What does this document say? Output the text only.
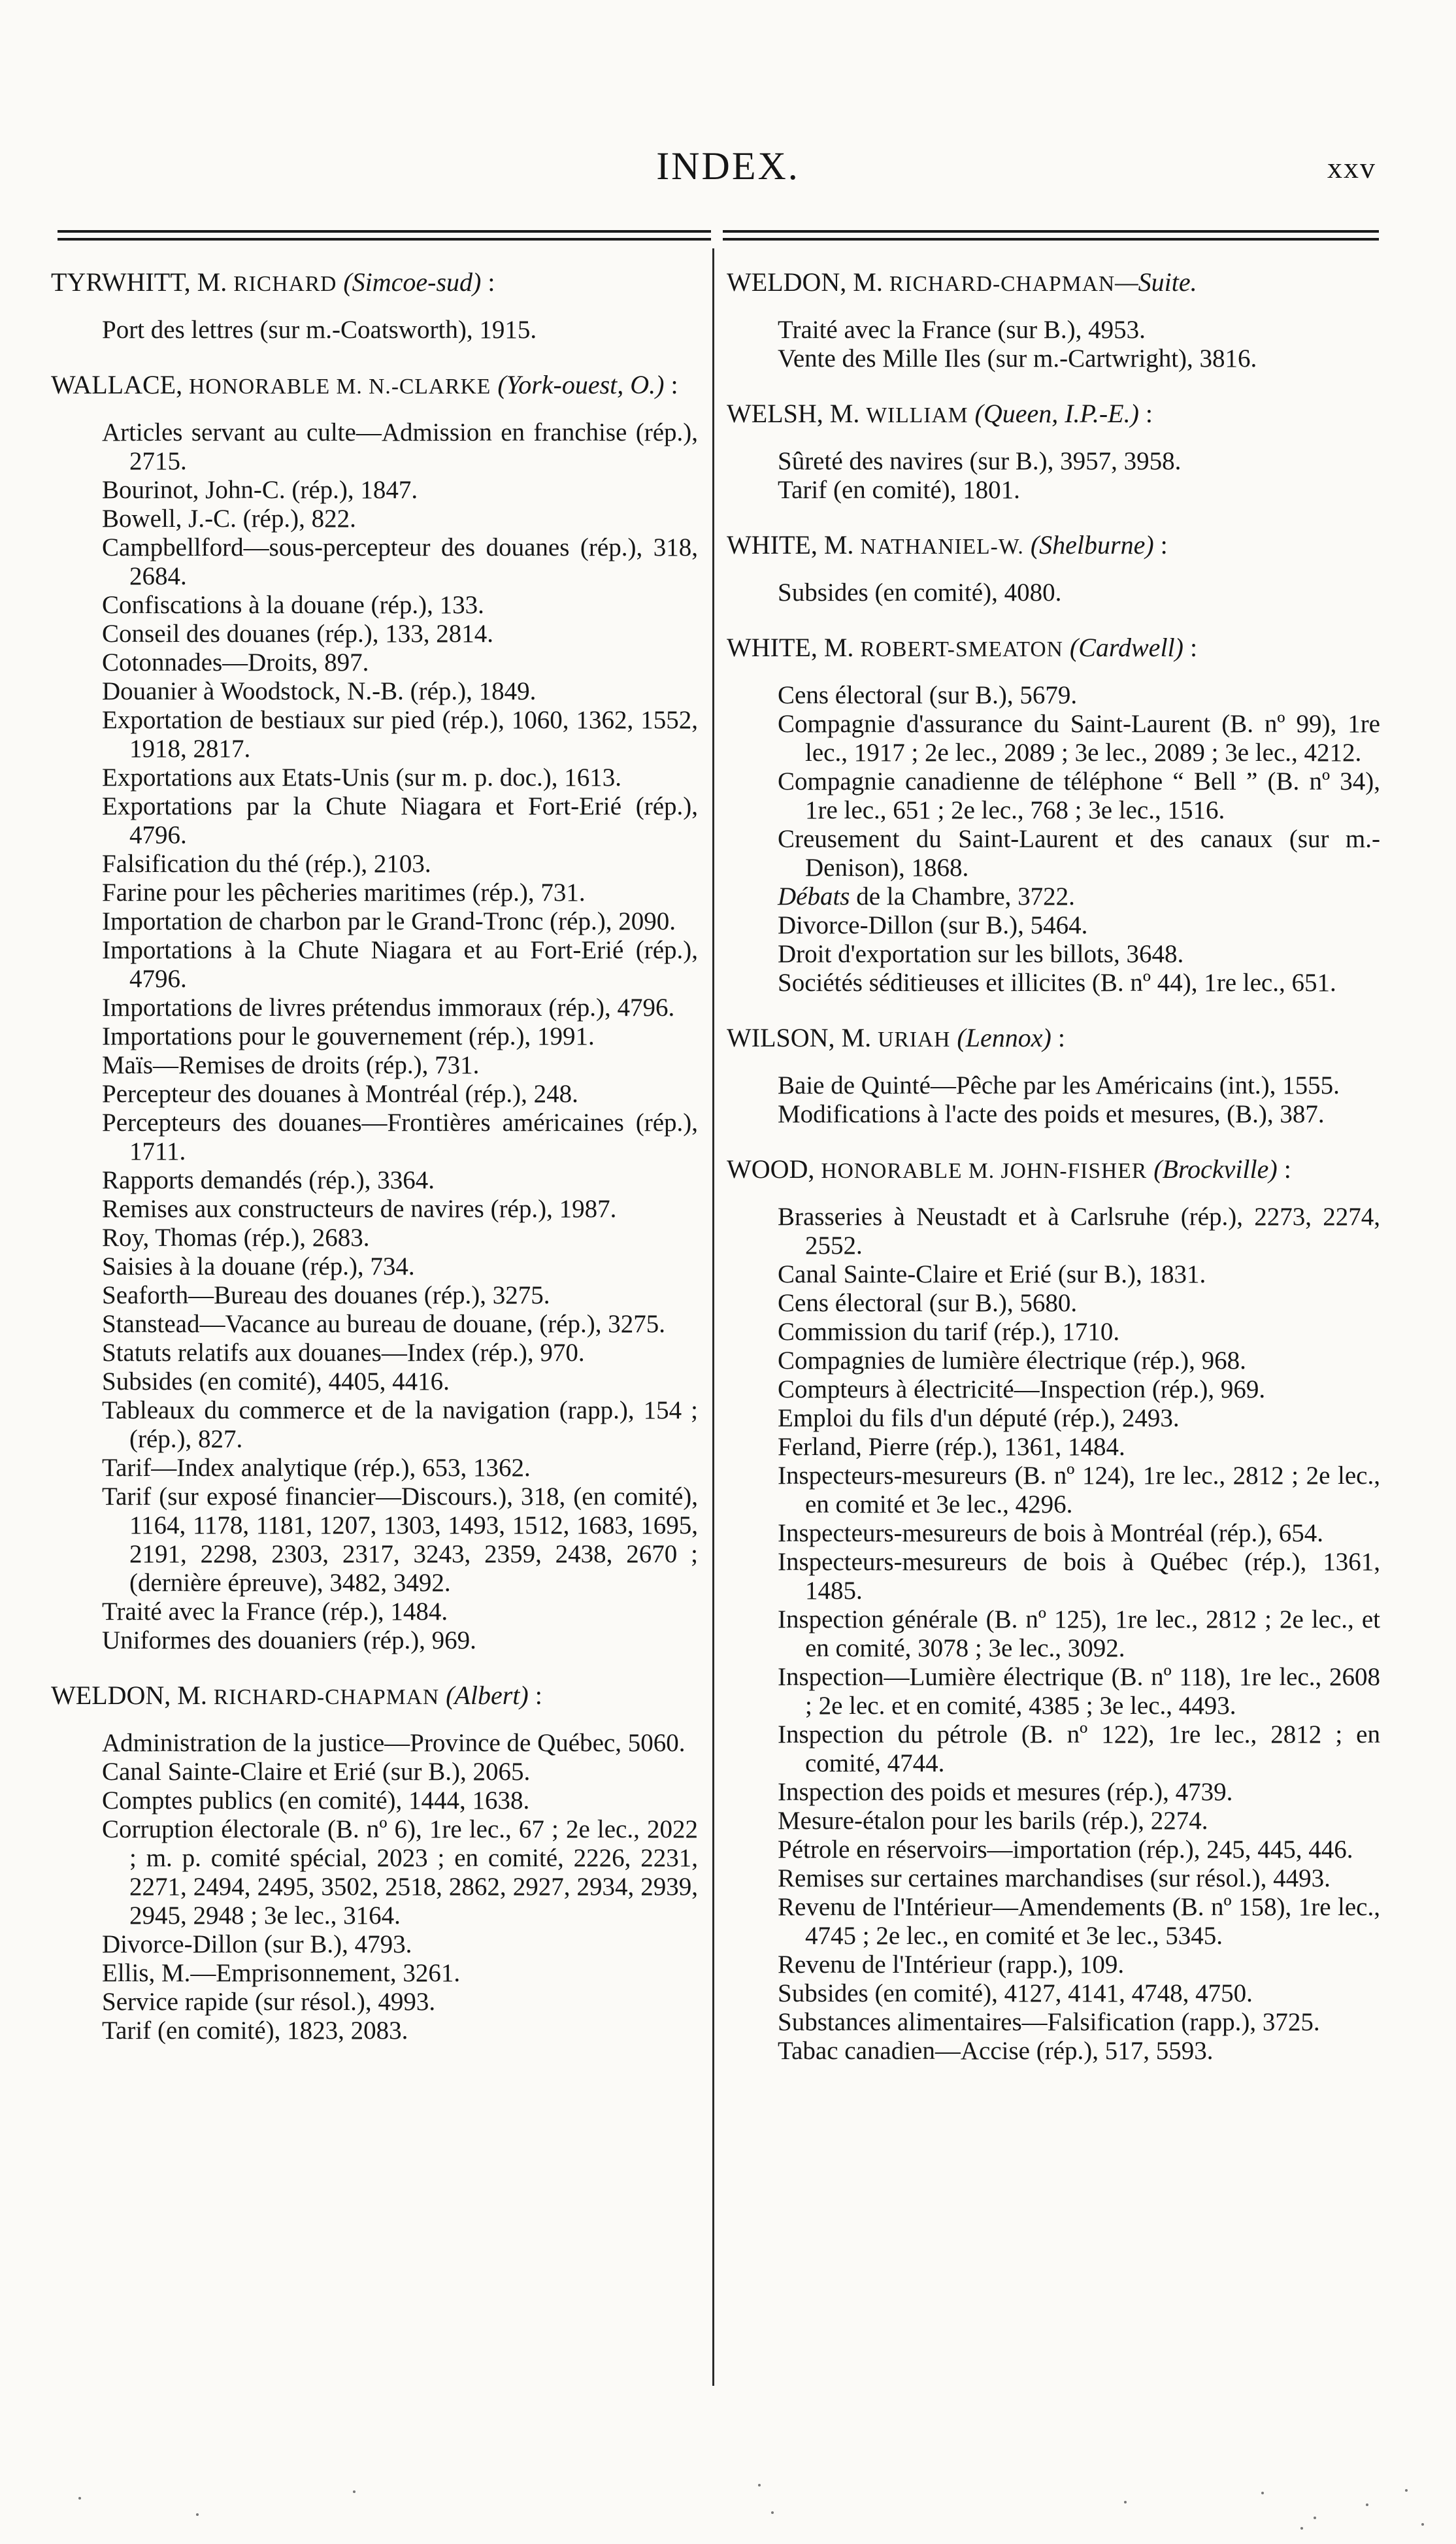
INDEX.	xxv
TYRWHITT, M. RICHARD (Simcoe-sud) :

Port des lettres (sur m.-Coatsworth), 1915.

WALLACE, HONORABLE M. N.-CLARKE (York-ouest, O.) :

Articles servant au culte—Admission en franchise (rép.), 2715.

Bourinot, John-C. (rép.), 1847.

Bowell, J.-C. (rép.), 822.

Campbellford—sous-percepteur des douanes (rép.), 318, 2684.

Confiscations à la douane (rép.), 133.

Conseil des douanes (rép.), 133, 2814.

Cotonnades—Droits, 897.

Douanier à Woodstock, N.-B. (rép.), 1849.

Exportation de bestiaux sur pied (rép.), 1060, 1362, 1552, 1918, 2817.

Exportations aux Etats-Unis (sur m. p. doc.), 1613.

Exportations par la Chute Niagara et Fort-Erié (rép.), 4796.

Falsification du thé (rép.), 2103.

Farine pour les pêcheries maritimes (rép.), 731.

Importation de charbon par le Grand-Tronc (rép.), 2090.

Importations à la Chute Niagara et au Fort-Erié (rép.), 4796.

Importations de livres prétendus immoraux (rép.), 4796.

Importations pour le gouvernement (rép.), 1991.

Maïs—Remises de droits (rép.), 731.

Percepteur des douanes à Montréal (rép.), 248.

Percepteurs des douanes—Frontières américaines (rép.), 1711.

Rapports demandés (rép.), 3364.

Remises aux constructeurs de navires (rép.), 1987.

Roy, Thomas (rép.), 2683.

Saisies à la douane (rép.), 734.

Seaforth—Bureau des douanes (rép.), 3275.

Stanstead—Vacance au bureau de douane, (rép.), 3275.

Statuts relatifs aux douanes—Index (rép.), 970.

Subsides (en comité), 4405, 4416.

Tableaux du commerce et de la navigation (rapp.), 154 ; (rép.), 827.

Tarif—Index analytique (rép.), 653, 1362.

Tarif (sur exposé financier—Discours.), 318, (en comité), 1164, 1178, 1181, 1207, 1303, 1493, 1512, 1683, 1695, 2191, 2298, 2303, 2317, 3243, 2359, 2438, 2670 ; (dernière épreuve), 3482, 3492.

Traité avec la France (rép.), 1484.

Uniformes des douaniers (rép.), 969.

WELDON, M. RICHARD-CHAPMAN (Albert) :

Administration de la justice—Province de Québec, 5060.

Canal Sainte-Claire et Erié (sur B.), 2065.

Comptes publics (en comité), 1444, 1638.

Corruption électorale (B. nº 6), 1re lec., 67 ; 2e lec., 2022 ; m. p. comité spécial, 2023 ; en comité, 2226, 2231, 2271, 2494, 2495, 3502, 2518, 2862, 2927, 2934, 2939, 2945, 2948 ; 3e lec., 3164.

Divorce-Dillon (sur B.), 4793.

Ellis, M.—Emprisonnement, 3261.

Service rapide (sur résol.), 4993.

Tarif (en comité), 1823, 2083.

WELDON, M. RICHARD-CHAPMAN—Suite.

Traité avec la France (sur B.), 4953.

Vente des Mille Iles (sur m.-Cartwright), 3816.

WELSH, M. WILLIAM (Queen, I.P.-E.) :

Sûreté des navires (sur B.), 3957, 3958.

Tarif (en comité), 1801.

WHITE, M. NATHANIEL-W. (Shelburne) :

Subsides (en comité), 4080.

WHITE, M. ROBERT-SMEATON (Cardwell) :

Cens électoral (sur B.), 5679.

Compagnie d'assurance du Saint-Laurent (B. nº 99), 1re lec., 1917 ; 2e lec., 2089 ; 3e lec., 2089 ; 3e lec., 4212.

Compagnie canadienne de téléphone “ Bell ” (B. nº 34), 1re lec., 651 ; 2e lec., 768 ; 3e lec., 1516.

Creusement du Saint-Laurent et des canaux (sur m.-Denison), 1868.

Débats de la Chambre, 3722.

Divorce-Dillon (sur B.), 5464.

Droit d'exportation sur les billots, 3648.

Sociétés séditieuses et illicites (B. nº 44), 1re lec., 651.

WILSON, M. URIAH (Lennox) :

Baie de Quinté—Pêche par les Américains (int.), 1555.

Modifications à l'acte des poids et mesures, (B.), 387.

WOOD, HONORABLE M. JOHN-FISHER (Brockville) :

Brasseries à Neustadt et à Carlsruhe (rép.), 2273, 2274, 2552.

Canal Sainte-Claire et Erié (sur B.), 1831.

Cens électoral (sur B.), 5680.

Commission du tarif (rép.), 1710.

Compagnies de lumière électrique (rép.), 968.

Compteurs à électricité—Inspection (rép.), 969.

Emploi du fils d'un député (rép.), 2493.

Ferland, Pierre (rép.), 1361, 1484.

Inspecteurs-mesureurs (B. nº 124), 1re lec., 2812 ; 2e lec., en comité et 3e lec., 4296.

Inspecteurs-mesureurs de bois à Montréal (rép.), 654.

Inspecteurs-mesureurs de bois à Québec (rép.), 1361, 1485.

Inspection générale (B. nº 125), 1re lec., 2812 ; 2e lec., et en comité, 3078 ; 3e lec., 3092.

Inspection—Lumière électrique (B. nº 118), 1re lec., 2608 ; 2e lec. et en comité, 4385 ; 3e lec., 4493.

Inspection du pétrole (B. nº 122), 1re lec., 2812 ; en comité, 4744.

Inspection des poids et mesures (rép.), 4739.

Mesure-étalon pour les barils (rép.), 2274.

Pétrole en réservoirs—importation (rép.), 245, 445, 446.

Remises sur certaines marchandises (sur résol.), 4493.

Revenu de l'Intérieur—Amendements (B. nº 158), 1re lec., 4745 ; 2e lec., en comité et 3e lec., 5345.

Revenu de l'Intérieur (rapp.), 109.

Subsides (en comité), 4127, 4141, 4748, 4750.

Substances alimentaires—Falsification (rapp.), 3725.

Tabac canadien—Accise (rép.), 517, 5593.
